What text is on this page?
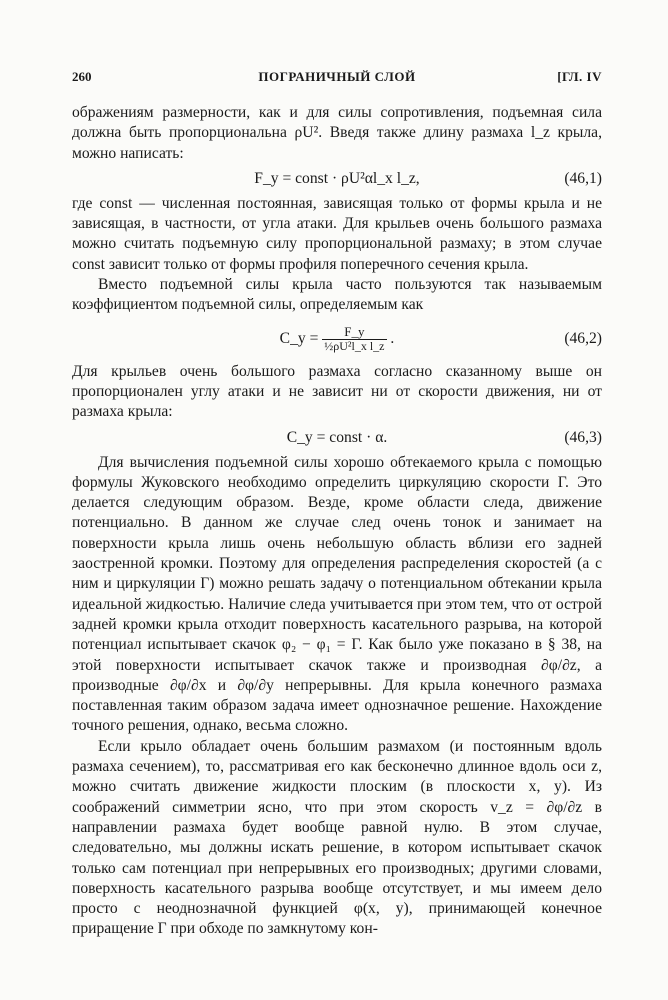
260	ПОГРАНИЧНЫЙ СЛОЙ	[ГЛ. IV

ображениям размерности, как и для силы сопротивления, подъемная сила должна быть пропорциональна ρU². Введя также длину размаха l_z крыла, можно написать:

F_y = const · ρU²αl_x l_z,	(46,1)

где const — численная постоянная, зависящая только от формы крыла и не зависящая, в частности, от угла атаки. Для крыльев очень большого размаха можно считать подъемную силу пропорциональной размаху; в этом случае const зависит только от формы профиля поперечного сечения крыла.

Вместо подъемной силы крыла часто пользуются так называемым коэффициентом подъемной силы, определяемым как

C_y = $\frac{F\_y}{\text{½ρU²l\_x l\_z}}$ .	(46,2)

Для крыльев очень большого размаха согласно сказанному выше он пропорционален углу атаки и не зависит ни от скорости движения, ни от размаха крыла:

C_y = const · α.	(46,3)

Для вычисления подъемной силы хорошо обтекаемого крыла с помощью формулы Жуковского необходимо определить циркуляцию скорости Г. Это делается следующим образом. Везде, кроме области следа, движение потенциально. В данном же случае след очень тонок и занимает на поверхности крыла лишь очень небольшую область вблизи его задней заостренной кромки. Поэтому для определения распределения скоростей (а с ним и циркуляции Г) можно решать задачу о потенциальном обтекании крыла идеальной жидкостью. Наличие следа учитывается при этом тем, что от острой задней кромки крыла отходит поверхность касательного разрыва, на которой потенциал испытывает скачок φ₂ − φ₁ = Г. Как было уже показано в § 38, на этой поверхности испытывает скачок также и производная ∂φ/∂z, а производные ∂φ/∂x и ∂φ/∂y непрерывны. Для крыла конечного размаха поставленная таким образом задача имеет однозначное решение. Нахождение точного решения, однако, весьма сложно.

Если крыло обладает очень большим размахом (и постоянным вдоль размаха сечением), то, рассматривая его как бесконечно длинное вдоль оси z, можно считать движение жидкости плоским (в плоскости x, y). Из соображений симметрии ясно, что при этом скорость v_z = ∂φ/∂z в направлении размаха будет вообще равной нулю. В этом случае, следовательно, мы должны искать решение, в котором испытывает скачок только сам потенциал при непрерывных его производных; другими словами, поверхность касательного разрыва вообще отсутствует, и мы имеем дело просто с неоднозначной функцией φ(x, y), принимающей конечное приращение Г при обходе по замкнутому кон-
